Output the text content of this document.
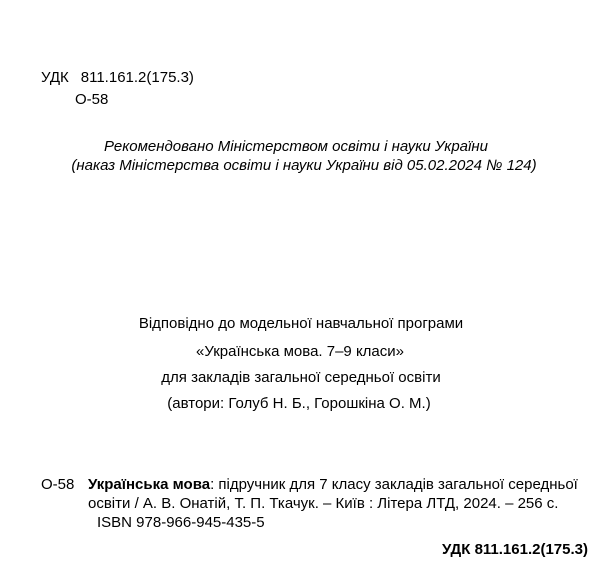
УДК 811.161.2(175.3)
О-58
Рекомендовано Міністерством освіти і науки України
(наказ Міністерства освіти і науки України від 05.02.2024 № 124)
Відповідно до модельної навчальної програми
«Українська мова. 7–9 класи»
для закладів загальної середньої освіти
(автори: Голуб Н. Б., Горошкіна О. М.)
О-58 Українська мова: підручник для 7 класу закладів загальної середньої
освіти / А. В. Онатій, Т. П. Ткачук. – Київ : Літера ЛТД, 2024. – 256 с.
ISBN 978-966-945-435-5
УДК 811.161.2(175.3)
